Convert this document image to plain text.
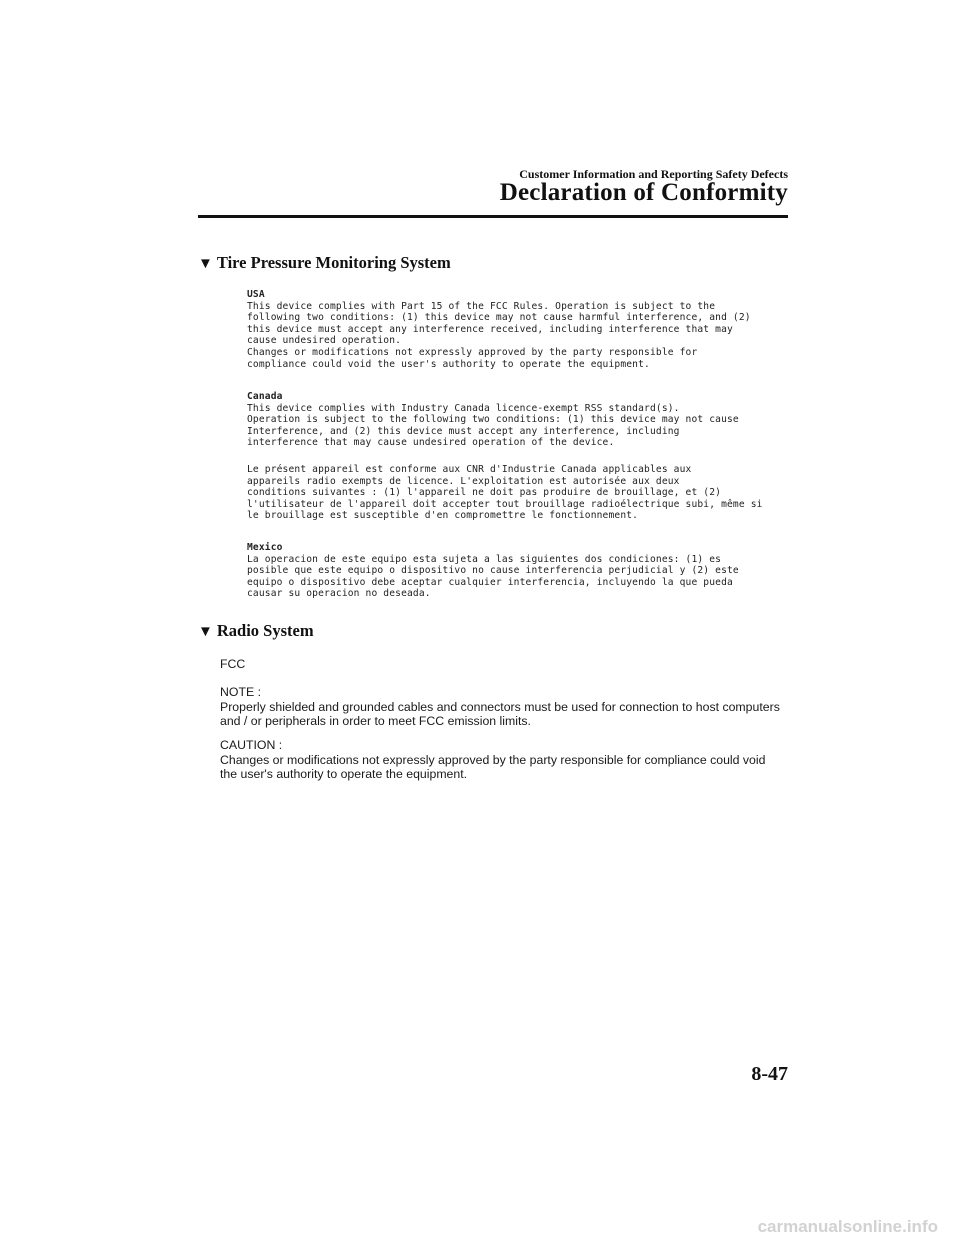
Customer Information and Reporting Safety Defects
Declaration of Conformity
▼ Tire Pressure Monitoring System
USA
This device complies with Part 15 of the FCC Rules. Operation is subject to the
following two conditions: (1) this device may not cause harmful interference, and (2)
this device must accept any interference received, including interference that may
cause undesired operation.
Changes or modifications not expressly approved by the party responsible for
compliance could void the user's authority to operate the equipment.
Canada
This device complies with Industry Canada licence-exempt RSS standard(s).
Operation is subject to the following two conditions: (1) this device may not cause
Interference, and (2) this device must accept any interference, including
interference that may cause undesired operation of the device.
Le présent appareil est conforme aux CNR d'Industrie Canada applicables aux
appareils radio exempts de licence. L'exploitation est autorisée aux deux
conditions suivantes : (1) l'appareil ne doit pas produire de brouillage, et (2)
l'utilisateur de l'appareil doit accepter tout brouillage radioélectrique subi, même si
le brouillage est susceptible d'en compromettre le fonctionnement.
Mexico
La operacion de este equipo esta sujeta a las siguientes dos condiciones: (1) es
posible que este equipo o dispositivo no cause interferencia perjudicial y (2) este
equipo o dispositivo debe aceptar cualquier interferencia, incluyendo la que pueda
causar su operacion no deseada.
▼ Radio System
FCC
NOTE :
Properly shielded and grounded cables and connectors must be used for connection to host computers
and / or peripherals in order to meet FCC emission limits.
CAUTION :
Changes or modifications not expressly approved by the party responsible for compliance could void
the user's authority to operate the equipment.
8-47
carmanualsonline.info
